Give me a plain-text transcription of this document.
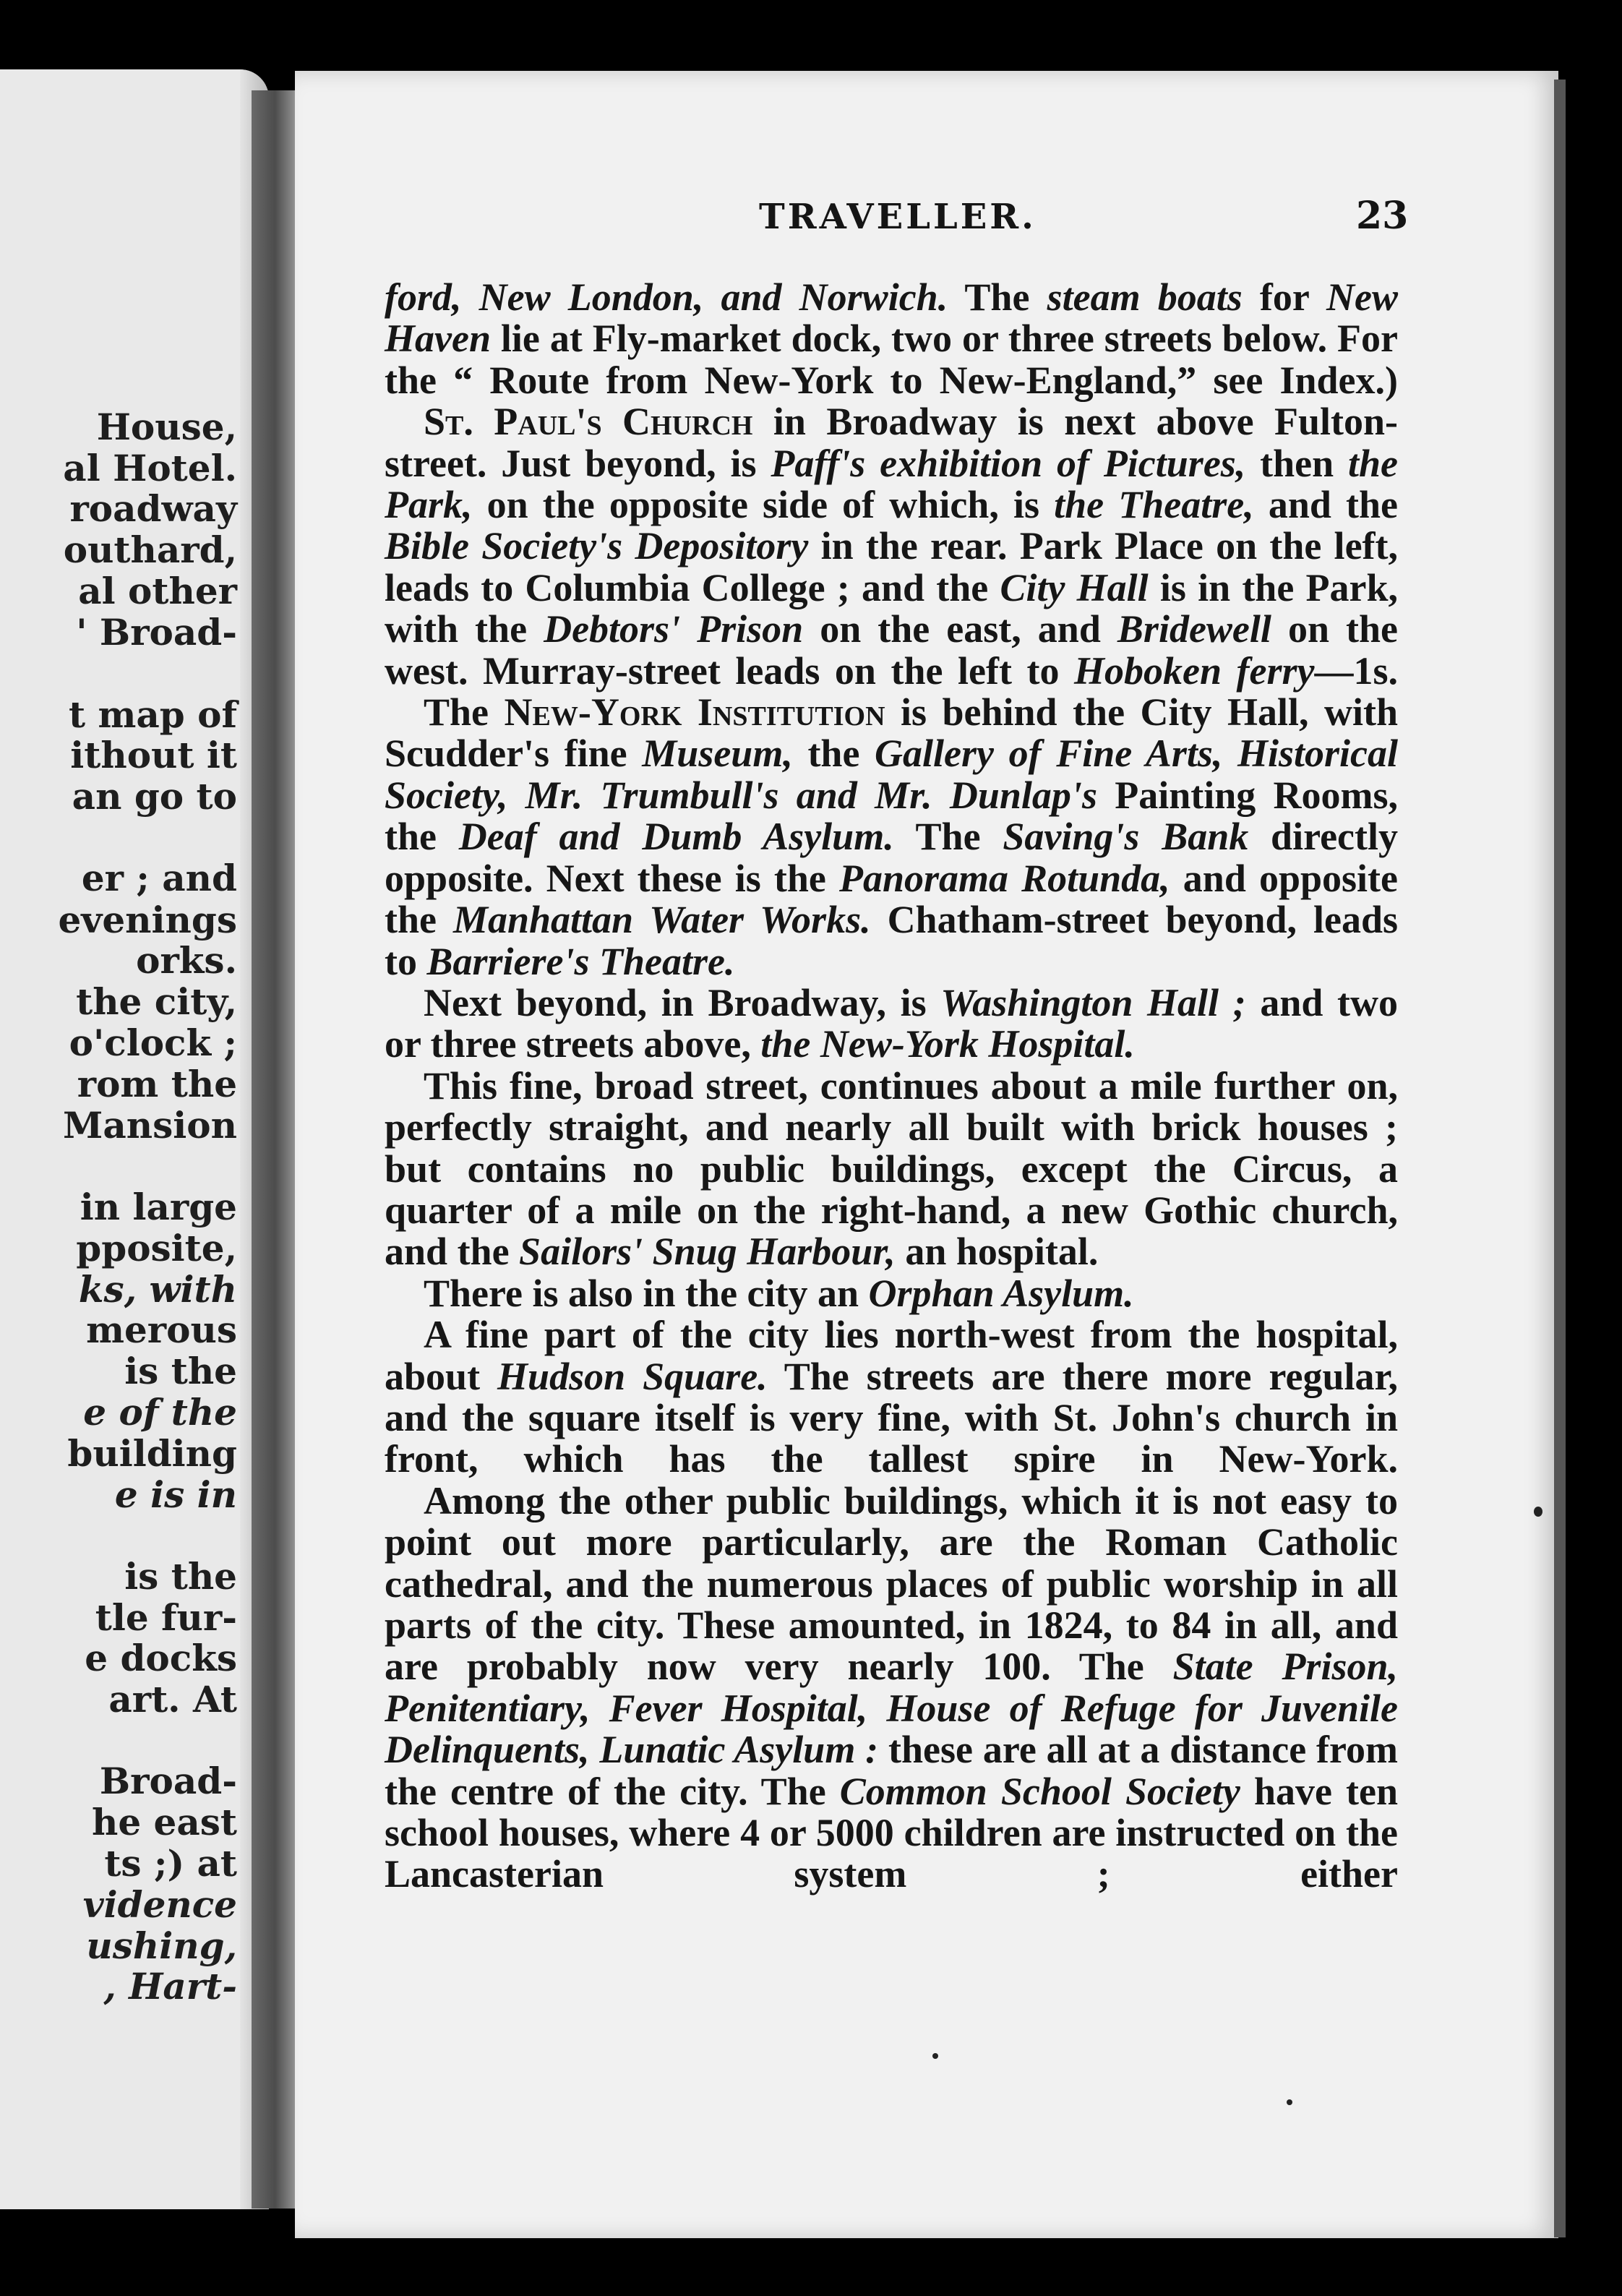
House,
al Hotel.
roadway
outhard,
al other
' Broad-
t map of
ithout it
an go to
er ; and
evenings
orks.
the city,
o'clock ;
rom the
Mansion
in large
pposite,
ks, with
merous
is the
e of the
building
e is in
is the
tle fur-
e docks
art. At
Broad-
he east
ts ;) at
vidence
ushing,
, Hart-
TRAVELLER.	23

ford, New London, and Norwich. The steam boats for New Haven lie at Fly-market dock, two or three streets below. For the “ Route from New-York to New-England,” see Index.)

St. Paul's Church in Broadway is next above Fulton-street. Just beyond, is Paff's exhibition of Pictures, then the Park, on the opposite side of which, is the Theatre, and the Bible Society's Depository in the rear. Park Place on the left, leads to Columbia College ; and the City Hall is in the Park, with the Debtors' Prison on the east, and Bridewell on the west. Murray-street leads on the left to Hoboken ferry—1s.

The New-York Institution is behind the City Hall, with Scudder's fine Museum, the Gallery of Fine Arts, Historical Society, Mr. Trumbull's and Mr. Dunlap's Painting Rooms, the Deaf and Dumb Asylum. The Saving's Bank directly opposite. Next these is the Panorama Rotunda, and opposite the Manhattan Water Works. Chatham-street beyond, leads to Barriere's Theatre.

Next beyond, in Broadway, is Washington Hall ; and two or three streets above, the New-York Hospital.

This fine, broad street, continues about a mile further on, perfectly straight, and nearly all built with brick houses ; but contains no public buildings, except the Circus, a quarter of a mile on the right-hand, a new Gothic church, and the Sailors' Snug Harbour, an hospital.

There is also in the city an Orphan Asylum.

A fine part of the city lies north-west from the hospital, about Hudson Square. The streets are there more regular, and the square itself is very fine, with St. John's church in front, which has the tallest spire in New-York.

Among the other public buildings, which it is not easy to point out more particularly, are the Roman Catholic cathedral, and the numerous places of public worship in all parts of the city. These amounted, in 1824, to 84 in all, and are probably now very nearly 100. The State Prison, Penitentiary, Fever Hospital, House of Refuge for Juvenile Delinquents, Lunatic Asylum : these are all at a distance from the centre of the city. The Common School Society have ten school houses, where 4 or 5000 children are instructed on the Lancasterian system ; either
